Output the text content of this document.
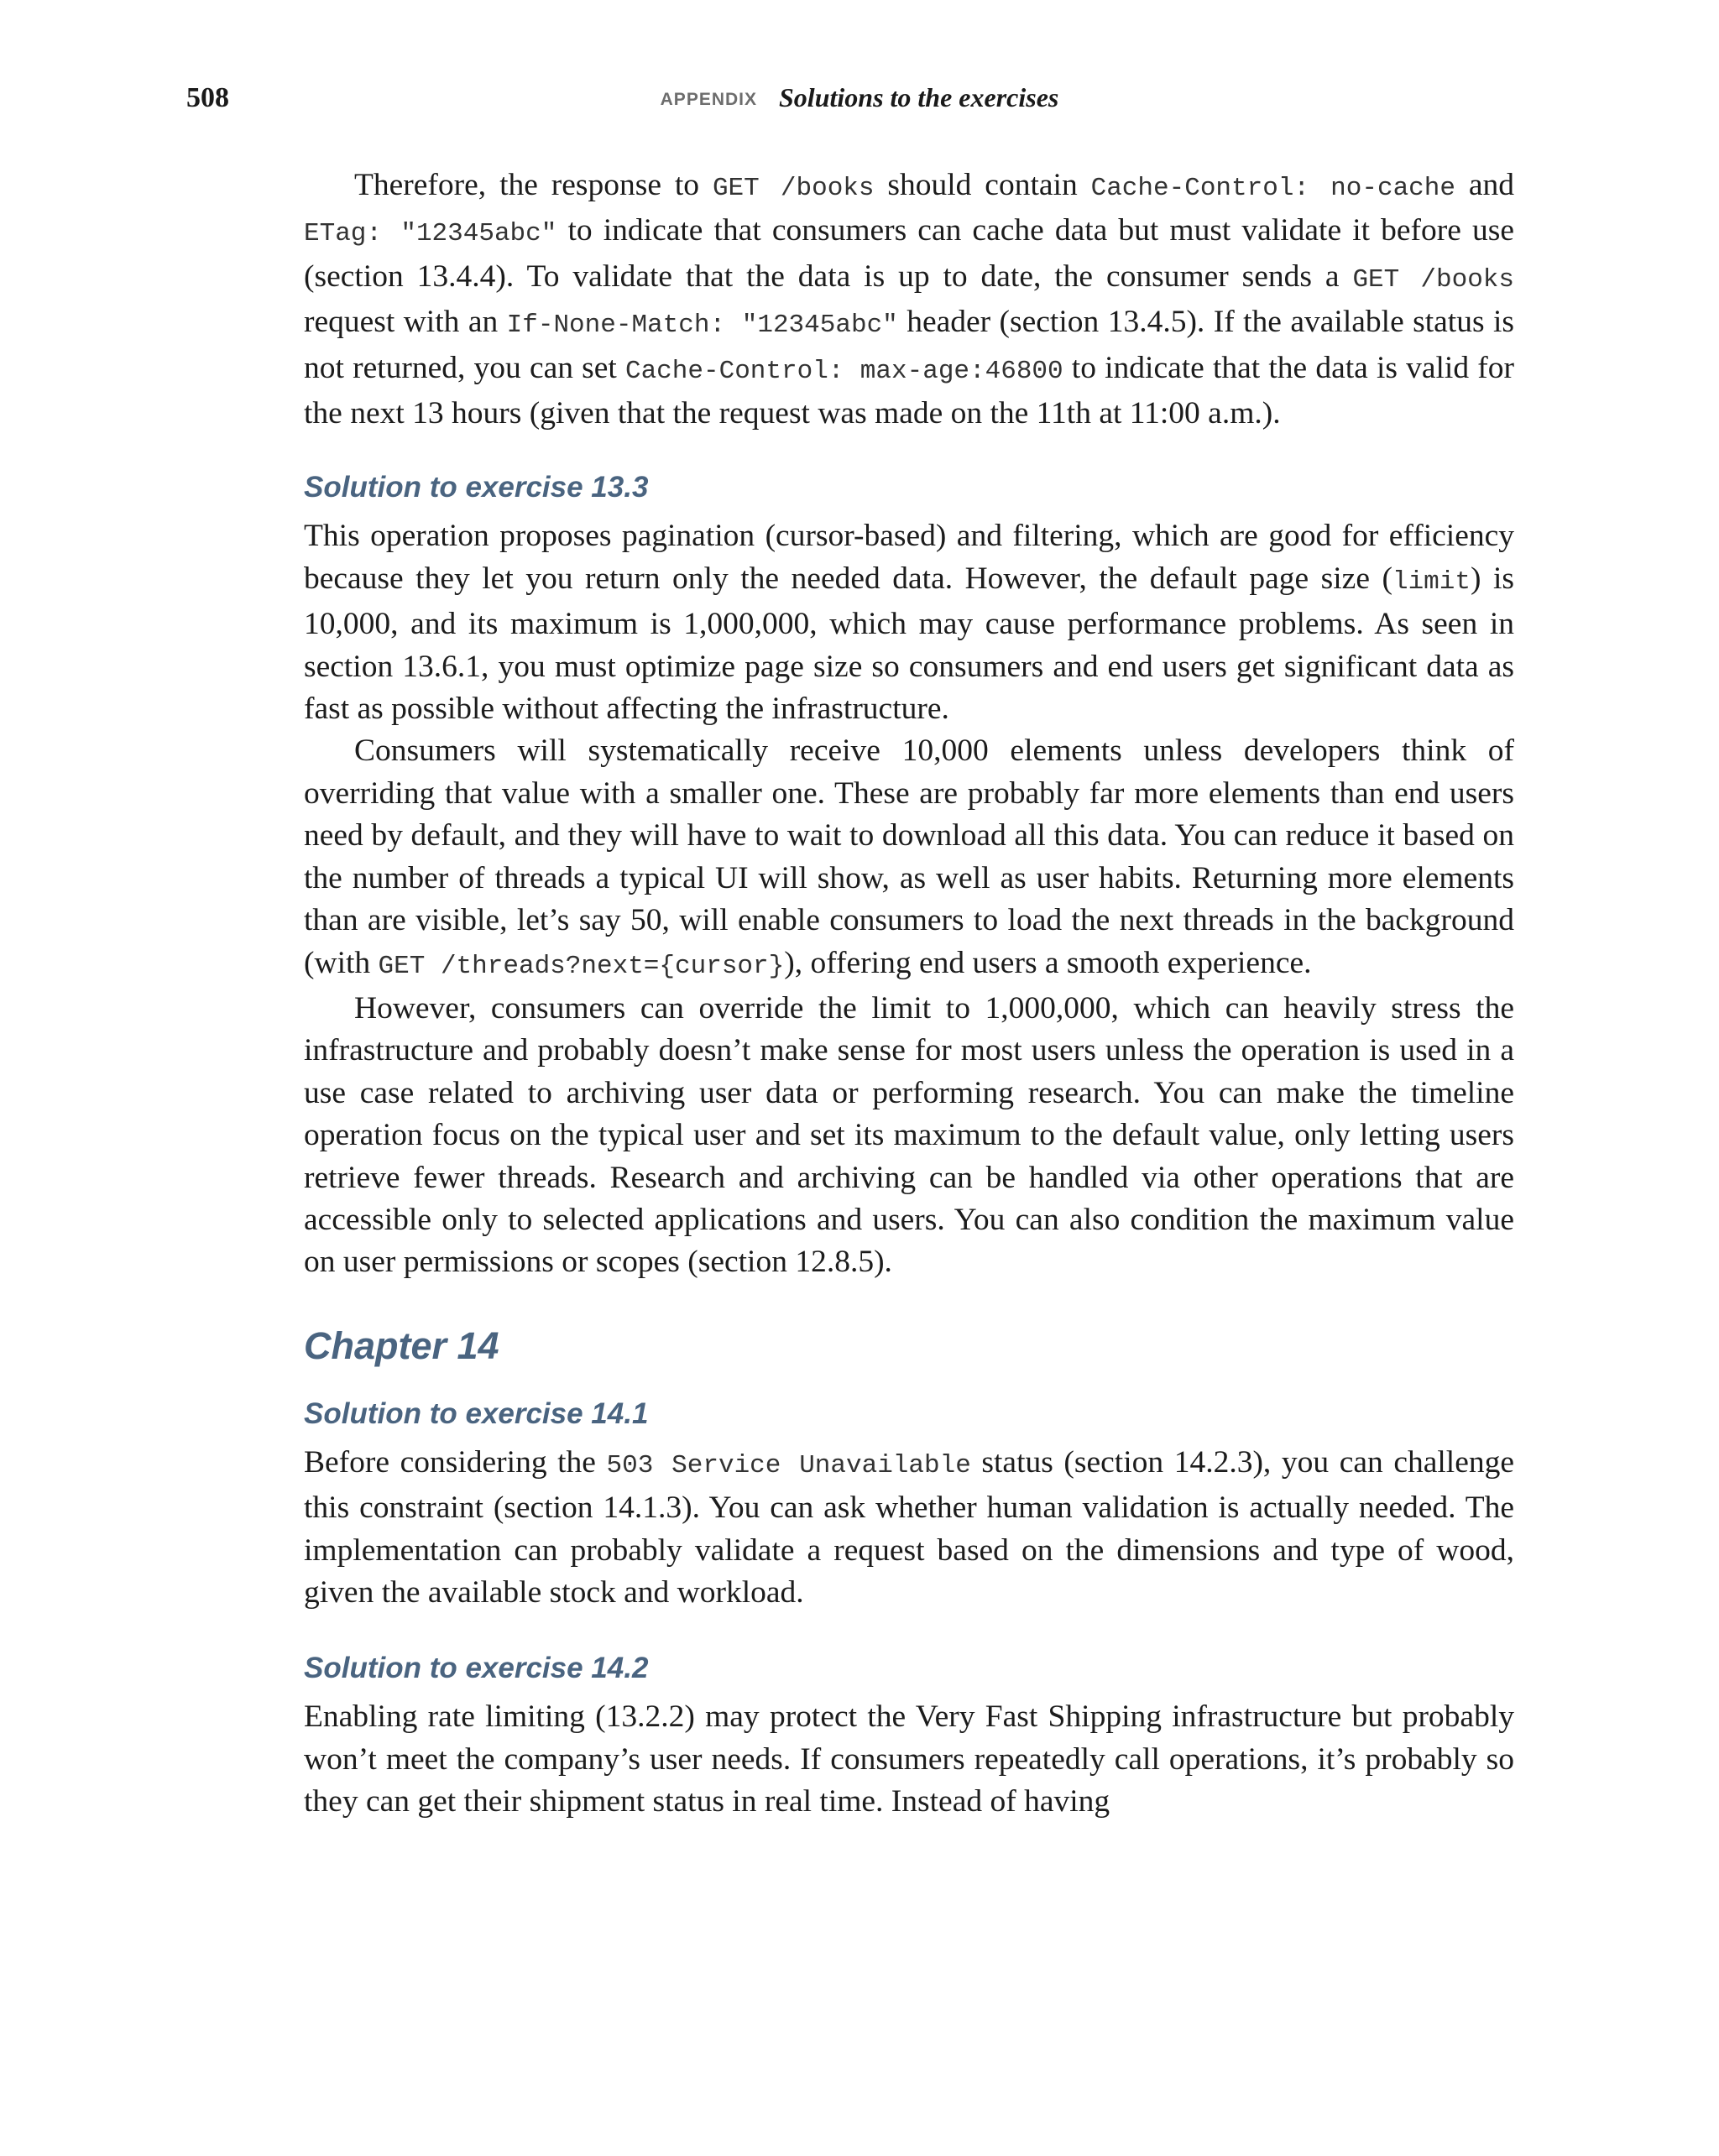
508	APPENDIX Solutions to the exercises

Therefore, the response to GET /books should contain Cache-Control: no-cache and ETag: "12345abc" to indicate that consumers can cache data but must validate it before use (section 13.4.4). To validate that the data is up to date, the consumer sends a GET /books request with an If-None-Match: "12345abc" header (section 13.4.5). If the available status is not returned, you can set Cache-Control: max-age:46800 to indicate that the data is valid for the next 13 hours (given that the request was made on the 11th at 11:00 a.m.).

Solution to exercise 13.3

This operation proposes pagination (cursor-based) and filtering, which are good for efficiency because they let you return only the needed data. However, the default page size (limit) is 10,000, and its maximum is 1,000,000, which may cause performance problems. As seen in section 13.6.1, you must optimize page size so consumers and end users get significant data as fast as possible without affecting the infrastructure.

Consumers will systematically receive 10,000 elements unless developers think of overriding that value with a smaller one. These are probably far more elements than end users need by default, and they will have to wait to download all this data. You can reduce it based on the number of threads a typical UI will show, as well as user habits. Returning more elements than are visible, let’s say 50, will enable consumers to load the next threads in the background (with GET /threads?next={cursor}), offering end users a smooth experience.

However, consumers can override the limit to 1,000,000, which can heavily stress the infrastructure and probably doesn’t make sense for most users unless the operation is used in a use case related to archiving user data or performing research. You can make the timeline operation focus on the typical user and set its maximum to the default value, only letting users retrieve fewer threads. Research and archiving can be handled via other operations that are accessible only to selected applications and users. You can also condition the maximum value on user permissions or scopes (section 12.8.5).

Chapter 14
Solution to exercise 14.1

Before considering the 503 Service Unavailable status (section 14.2.3), you can challenge this constraint (section 14.1.3). You can ask whether human validation is actually needed. The implementation can probably validate a request based on the dimensions and type of wood, given the available stock and workload.

Solution to exercise 14.2

Enabling rate limiting (13.2.2) may protect the Very Fast Shipping infrastructure but probably won’t meet the company’s user needs. If consumers repeatedly call operations, it’s probably so they can get their shipment status in real time. Instead of having
